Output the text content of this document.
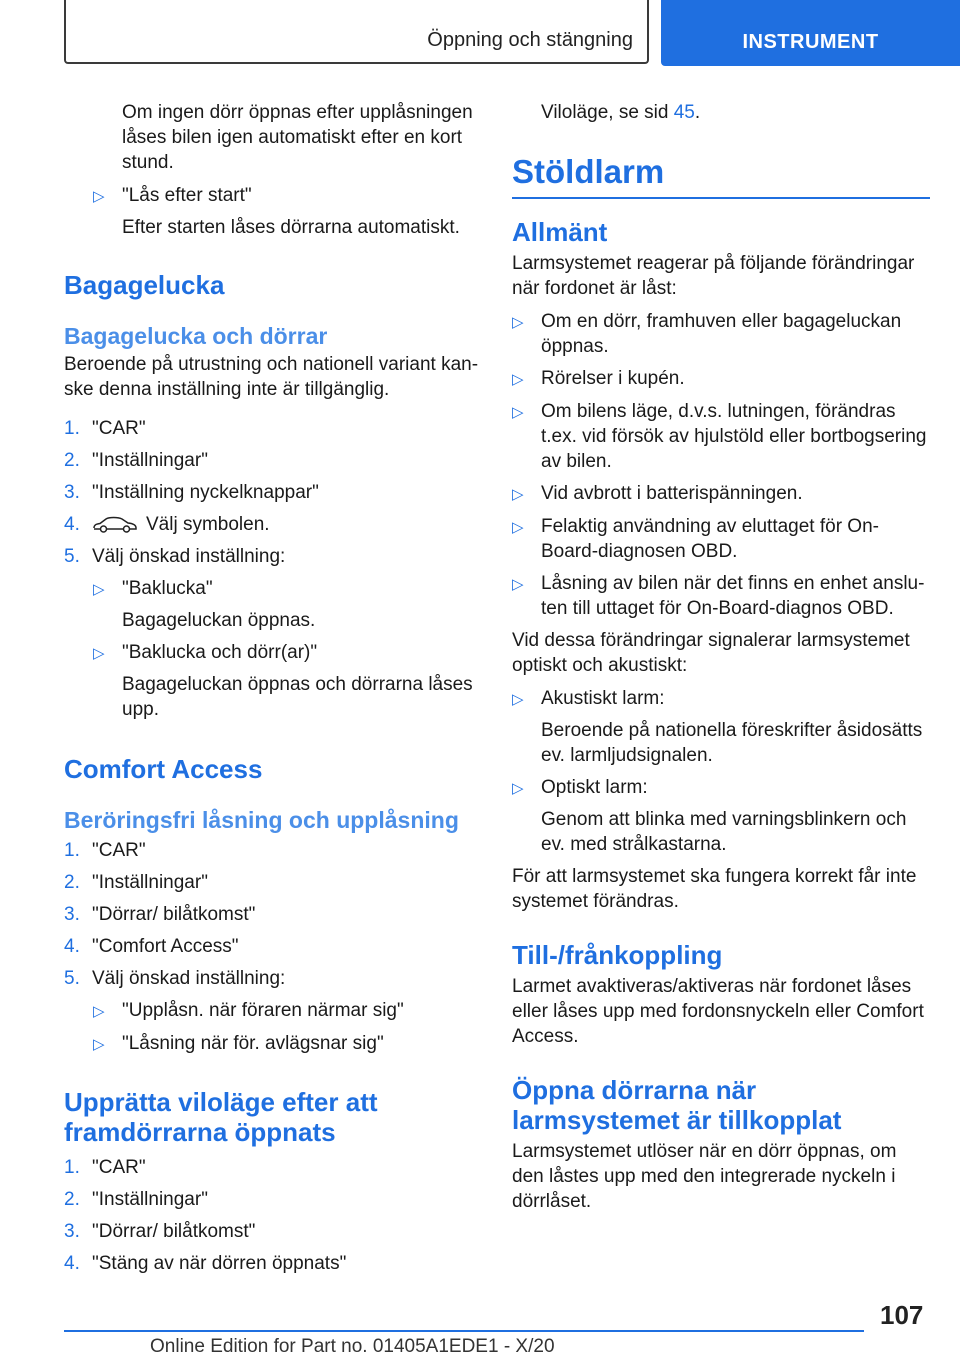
Öppning och stängning	INSTRUMENT

Om ingen dörr öppnas efter upplåsningen låses bilen igen automatiskt efter en kort stund.

▷ "Lås efter start"
Efter starten låses dörrarna automatiskt.
Bagagelucka
Bagagelucka och dörrar

Beroende på utrustning och nationell variant kanske denna inställning inte är tillgänglig.

1. "CAR"
2. "Inställningar"
3. "Inställning nyckelknappar"
4.	Välj symbolen.
5. Välj önskad inställning:
▷ "Baklucka"
Bagageluckan öppnas.
▷ "Baklucka och dörr(ar)"
Bagageluckan öppnas och dörrarna låses upp.
Comfort Access
Beröringsfri låsning och upplåsning
1. "CAR"
2. "Inställningar"
3. "Dörrar/ bilåtkomst"
4. "Comfort Access"
5. Välj önskad inställning:
▷ "Upplåsn. när föraren närmar sig"
▷ "Låsning när för. avlägsnar sig"
Upprätta viloläge efter att framdörrarna öppnats
1. "CAR"
2. "Inställningar"
3. "Dörrar/ bilåtkomst"
4. "Stäng av när dörren öppnats"

Viloläge, se sid 45.

Stöldlarm
Allmänt

Larmsystemet reagerar på följande förändringar när fordonet är låst:

▷ Om en dörr, framhuven eller bagageluckan öppnas.
▷ Rörelser i kupén.
▷ Om bilens läge, d.v.s. lutningen, förändras t.ex. vid försök av hjulstöld eller bortbogsering av bilen.
▷ Vid avbrott i batterispänningen.
▷ Felaktig användning av eluttaget för On-Board-diagnosen OBD.
▷ Låsning av bilen när det finns en enhet ansluten till uttaget för On-Board-diagnos OBD.

Vid dessa förändringar signalerar larmsystemet optiskt och akustiskt:

▷ Akustiskt larm:
Beroende på nationella föreskrifter åsidosätts ev. larmljudsignalen.
▷ Optiskt larm:
Genom att blinka med varningsblinkern och ev. med strålkastarna.

För att larmsystemet ska fungera korrekt får inte systemet förändras.

Till-/frånkoppling

Larmet avaktiveras/aktiveras när fordonet låses eller låses upp med fordonsnyckeln eller Comfort Access.

Öppna dörrarna när larmsystemet är tillkopplat

Larmsystemet utlöser när en dörr öppnas, om den låstes upp med den integrerade nyckeln i dörrlåset.

107
Online Edition for Part no. 01405A1EDE1 - X/20
